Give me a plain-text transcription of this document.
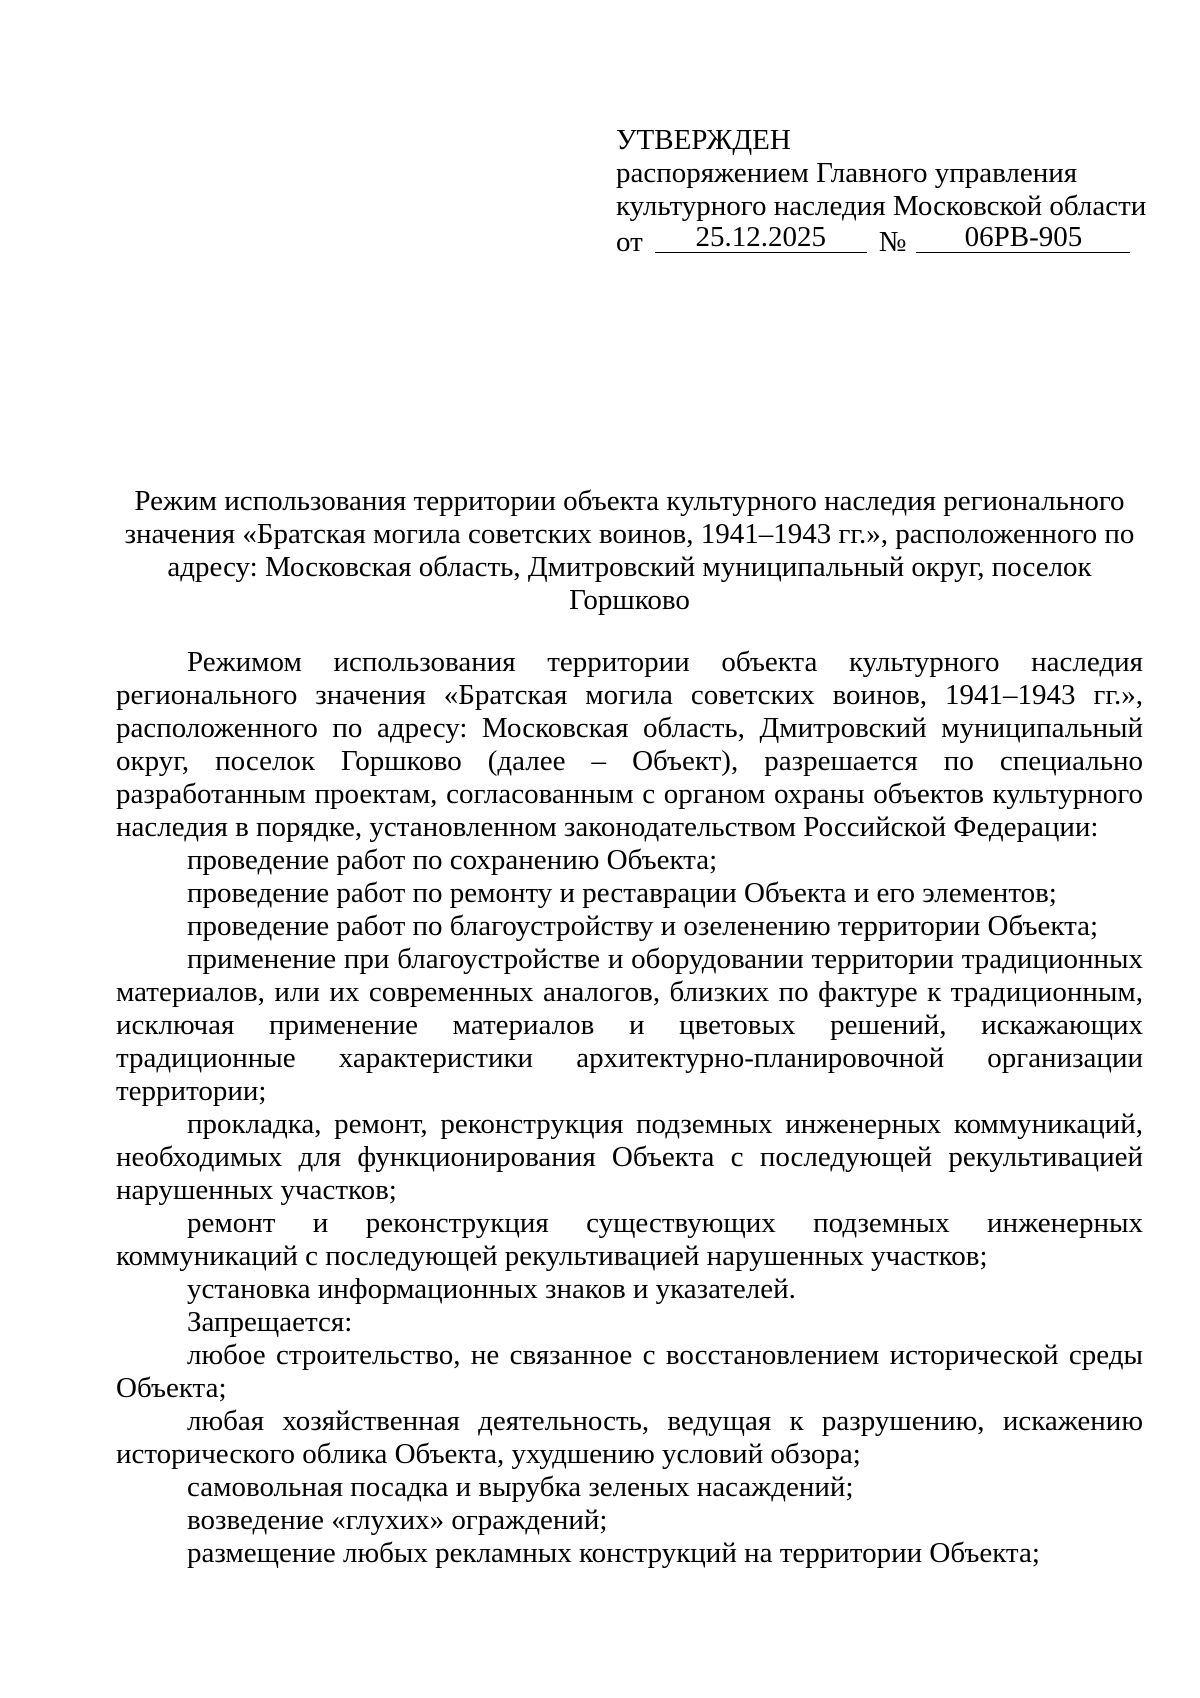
УТВЕРЖДЕН
распоряжением Главного управления
культурного наследия Московской области
от	25.12.2025	№	06РВ-905
Режим использования территории объекта культурного наследия регионального значения «Братская могила советских воинов, 1941–1943 гг.», расположенного по адресу: Московская область, Дмитровский муниципальный округ, поселок Горшково

Режимом использования территории объекта культурного наследия регионального значения «Братская могила советских воинов, 1941–1943 гг.», расположенного по адресу: Московская область, Дмитровский муниципальный округ, поселок Горшково (далее – Объект), разрешается по специально разработанным проектам, согласованным с органом охраны объектов культурного наследия в порядке, установленном законодательством Российской Федерации:

проведение работ по сохранению Объекта;

проведение работ по ремонту и реставрации Объекта и его элементов;

проведение работ по благоустройству и озеленению территории Объекта;

применение при благоустройстве и оборудовании территории традиционных материалов, или их современных аналогов, близких по фактуре к традиционным, исключая применение материалов и цветовых решений, искажающих традиционные характеристики архитектурно-планировочной организации территории;

прокладка, ремонт, реконструкция подземных инженерных коммуникаций, необходимых для функционирования Объекта с последующей рекультивацией нарушенных участков;

ремонт и реконструкция существующих подземных инженерных коммуникаций с последующей рекультивацией нарушенных участков;

установка информационных знаков и указателей.

Запрещается:

любое строительство, не связанное с восстановлением исторической среды Объекта;

любая хозяйственная деятельность, ведущая к разрушению, искажению исторического облика Объекта, ухудшению условий обзора;

самовольная посадка и вырубка зеленых насаждений;

возведение «глухих» ограждений;

размещение любых рекламных конструкций на территории Объекта;
